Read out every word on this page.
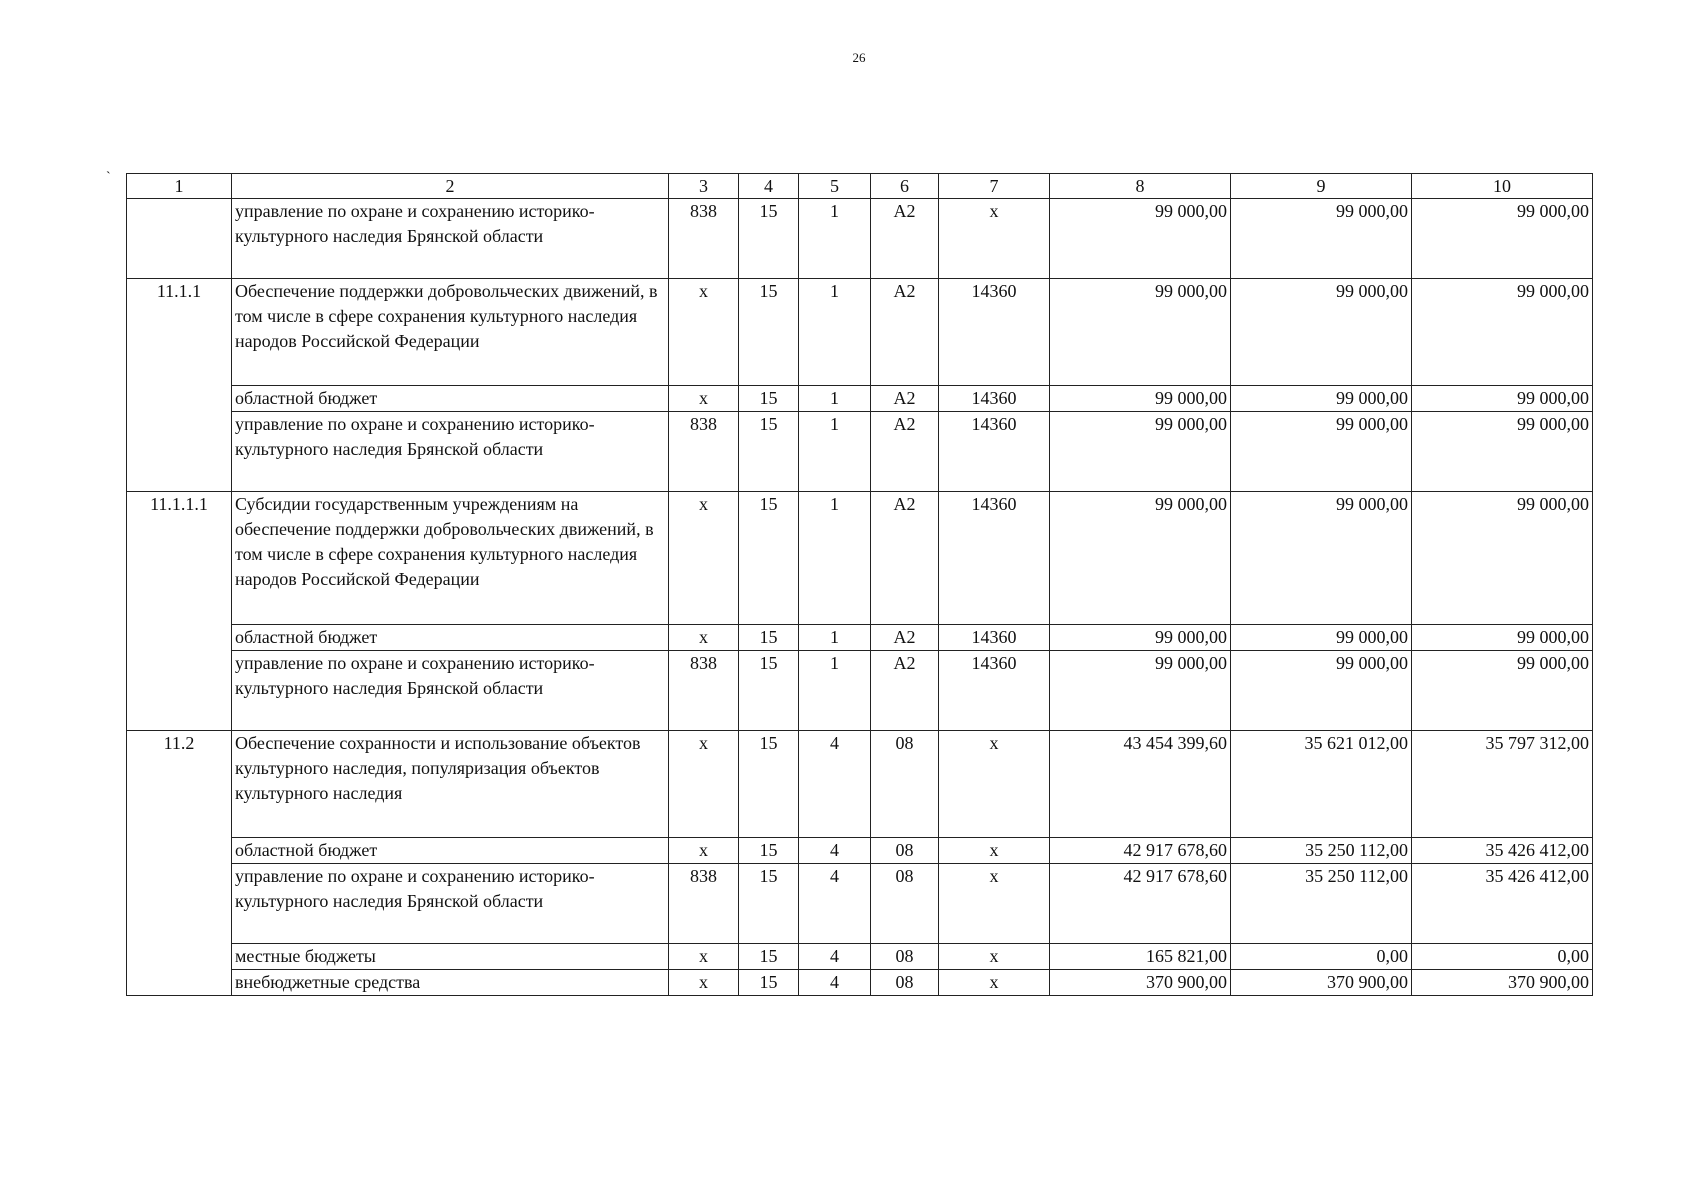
26
`	1	2	3	4	5	6	7	8	9	10
	управление по охране и сохранению историко-культурного наследия Брянской области	838	15	1	А2	х	99 000,00	99 000,00	99 000,00
11.1.1	Обеспечение поддержки добровольческих движений, в том числе в сфере сохранения культурного наследия народов Российской Федерации	х	15	1	А2	14360	99 000,00	99 000,00	99 000,00
	областной бюджет	х	15	1	А2	14360	99 000,00	99 000,00	99 000,00
	управление по охране и сохранению историко-культурного наследия Брянской области	838	15	1	А2	14360	99 000,00	99 000,00	99 000,00
11.1.1.1	Субсидии государственным учреждениям на обеспечение поддержки добровольческих движений, в том числе в сфере сохранения культурного наследия народов Российской Федерации	х	15	1	А2	14360	99 000,00	99 000,00	99 000,00
	областной бюджет	х	15	1	А2	14360	99 000,00	99 000,00	99 000,00
	управление по охране и сохранению историко-культурного наследия Брянской области	838	15	1	А2	14360	99 000,00	99 000,00	99 000,00
11.2	Обеспечение сохранности и использование объектов культурного наследия, популяризация объектов культурного наследия	х	15	4	08	х	43 454 399,60	35 621 012,00	35 797 312,00
	областной бюджет	х	15	4	08	х	42 917 678,60	35 250 112,00	35 426 412,00
	управление по охране и сохранению историко-культурного наследия Брянской области	838	15	4	08	х	42 917 678,60	35 250 112,00	35 426 412,00
	местные бюджеты	х	15	4	08	х	165 821,00	0,00	0,00
	внебюджетные средства	х	15	4	08	х	370 900,00	370 900,00	370 900,00
